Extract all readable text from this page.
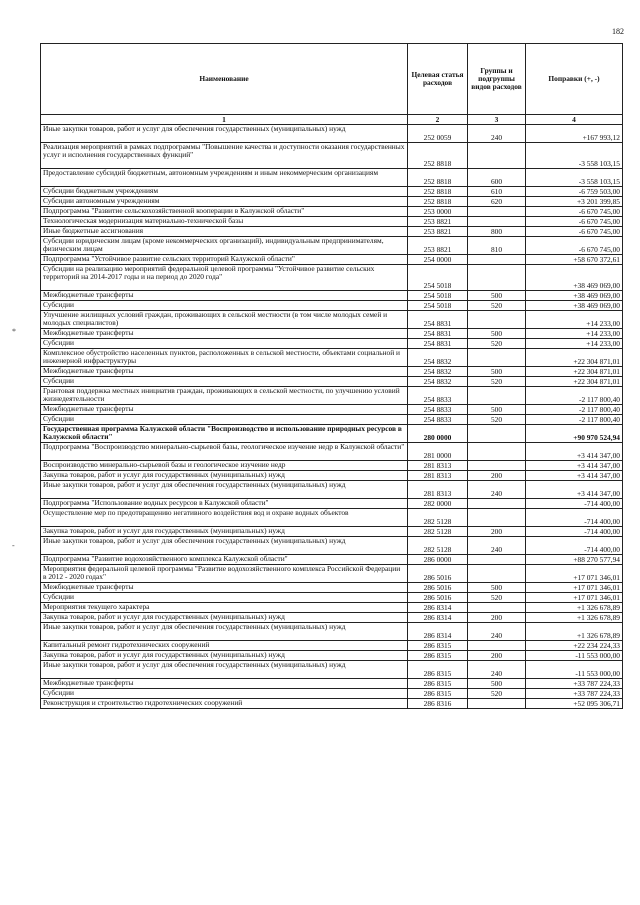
182
*
-
Наименование	Целевая статья расходов	Группы и подгруппы видов расходов	Поправки (+, -)
1	2	3	4
Иные закупки товаров, работ и услуг для обеспечения государственных (муниципальных) нужд	252 0059	240	+167 993,12
Реализация мероприятий в рамках подпрограммы "Повышение качества и доступности оказания государственных услуг и исполнения государственных функций"	252 8818		-3 558 103,15
Предоставление субсидий бюджетным, автономным учреждениям и иным некоммерческим организациям	252 8818	600	-3 558 103,15
Субсидии бюджетным учреждениям	252 8818	610	-6 759 503,00
Субсидии автономным учреждениям	252 8818	620	+3 201 399,85
Подпрограмма "Развитие сельскохозяйственной кооперации в Калужской области"	253 0000		-6 670 745,00
Технологическая модернизация материально-технической базы	253 8821		-6 670 745,00
Иные бюджетные ассигнования	253 8821	800	-6 670 745,00
Субсидии юридическим лицам (кроме некоммерческих организаций), индивидуальным предпринимателям, физическим лицам	253 8821	810	-6 670 745,00
Подпрограмма "Устойчивое развитие сельских территорий Калужской области"	254 0000		+58 670 372,61
Субсидии на реализацию мероприятий федеральной целевой программы "Устойчивое развитие сельских территорий на 2014-2017 годы и на период до 2020 года"	254 5018		+38 469 069,00
Межбюджетные трансферты	254 5018	500	+38 469 069,00
Субсидии	254 5018	520	+38 469 069,00
Улучшение жилищных условий граждан, проживающих в сельской местности (в том числе молодых семей и молодых специалистов)	254 8831		+14 233,00
Межбюджетные трансферты	254 8831	500	+14 233,00
Субсидии	254 8831	520	+14 233,00
Комплексное обустройство населенных пунктов, расположенных в сельской местности, объектами социальной и инженерной инфраструктуры	254 8832		+22 304 871,01
Межбюджетные трансферты	254 8832	500	+22 304 871,01
Субсидии	254 8832	520	+22 304 871,01
Грантовая поддержка местных инициатив граждан, проживающих в сельской местности, по улучшению условий жизнедеятельности	254 8833		-2 117 800,40
Межбюджетные трансферты	254 8833	500	-2 117 800,40
Субсидии	254 8833	520	-2 117 800,40
Государственная программа Калужской области "Воспроизводство и использование природных ресурсов в Калужской области"	280 0000		+90 970 524,94
Подпрограмма "Воспроизводство минерально-сырьевой базы, геологическое изучение недр в Калужской области"	281 0000		+3 414 347,00
Воспроизводство минерально-сырьевой базы и геологическое изучение недр	281 8313		+3 414 347,00
Закупка товаров, работ и услуг для государственных (муниципальных) нужд	281 8313	200	+3 414 347,00
Иные закупки товаров, работ и услуг для обеспечения государственных (муниципальных) нужд	281 8313	240	+3 414 347,00
Подпрограмма "Использование водных ресурсов в Калужской области"	282 0000		-714 400,00
Осуществление мер по предотвращению негативного воздействия вод и охране водных объектов	282 5128		-714 400,00
Закупка товаров, работ и услуг для государственных (муниципальных) нужд	282 5128	200	-714 400,00
Иные закупки товаров, работ и услуг для обеспечения государственных (муниципальных) нужд	282 5128	240	-714 400,00
Подпрограмма "Развитие водохозяйственного комплекса Калужской области"	286 0000		+88 270 577,94
Мероприятия федеральной целевой программы "Развитие водохозяйственного комплекса Российской Федерации в 2012 - 2020 годах"	286 5016		+17 071 346,01
Межбюджетные трансферты	286 5016	500	+17 071 346,01
Субсидии	286 5016	520	+17 071 346,01
Мероприятия текущего характера	286 8314		+1 326 678,89
Закупка товаров, работ и услуг для государственных (муниципальных) нужд	286 8314	200	+1 326 678,89
Иные закупки товаров, работ и услуг для обеспечения государственных (муниципальных) нужд	286 8314	240	+1 326 678,89
Капитальный ремонт гидротехнических сооружений	286 8315		+22 234 224,33
Закупка товаров, работ и услуг для государственных (муниципальных) нужд	286 8315	200	-11 553 000,00
Иные закупки товаров, работ и услуг для обеспечения государственных (муниципальных) нужд	286 8315	240	-11 553 000,00
Межбюджетные трансферты	286 8315	500	+33 787 224,33
Субсидии	286 8315	520	+33 787 224,33
Реконструкция и строительство гидротехнических сооружений	286 8316		+52 095 306,71
